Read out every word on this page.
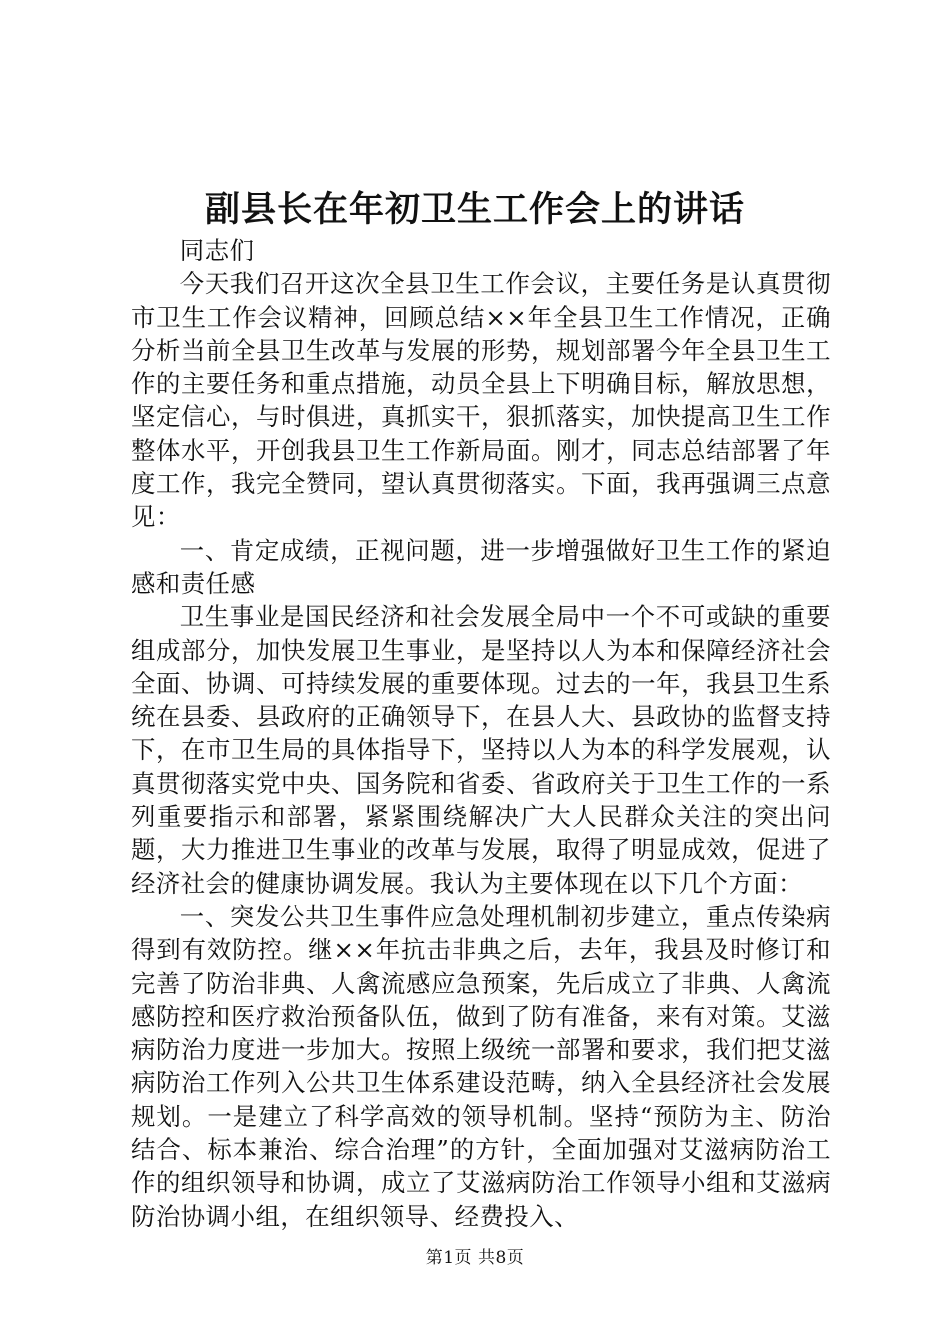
副县长在年初卫生工作会上的讲话

同志们

今天我们召开这次全县卫生工作会议，主要任务是认真贯彻市卫生工作会议精神，回顾总结××年全县卫生工作情况，正确分析当前全县卫生改革与发展的形势，规划部署今年全县卫生工作的主要任务和重点措施，动员全县上下明确目标，解放思想，坚定信心，与时俱进，真抓实干，狠抓落实，加快提高卫生工作整体水平，开创我县卫生工作新局面。刚才，同志总结部署了年度工作，我完全赞同，望认真贯彻落实。下面，我再强调三点意见：

一、肯定成绩，正视问题，进一步增强做好卫生工作的紧迫感和责任感

卫生事业是国民经济和社会发展全局中一个不可或缺的重要组成部分，加快发展卫生事业，是坚持以人为本和保障经济社会全面、协调、可持续发展的重要体现。过去的一年，我县卫生系统在县委、县政府的正确领导下，在县人大、县政协的监督支持下，在市卫生局的具体指导下，坚持以人为本的科学发展观，认真贯彻落实党中央、国务院和省委、省政府关于卫生工作的一系列重要指示和部署，紧紧围绕解决广大人民群众关注的突出问题，大力推进卫生事业的改革与发展，取得了明显成效，促进了经济社会的健康协调发展。我认为主要体现在以下几个方面：

一、突发公共卫生事件应急处理机制初步建立，重点传染病得到有效防控。继××年抗击非典之后，去年，我县及时修订和完善了防治非典、人禽流感应急预案，先后成立了非典、人禽流感防控和医疗救治预备队伍，做到了防有准备，来有对策。艾滋病防治力度进一步加大。按照上级统一部署和要求，我们把艾滋病防治工作列入公共卫生体系建设范畴，纳入全县经济社会发展规划。一是建立了科学高效的领导机制。坚持“预防为主、防治结合、标本兼治、综合治理”的方针，全面加强对艾滋病防治工作的组织领导和协调，成立了艾滋病防治工作领导小组和艾滋病防治协调小组，在组织领导、经费投入、

第1页 共8页
